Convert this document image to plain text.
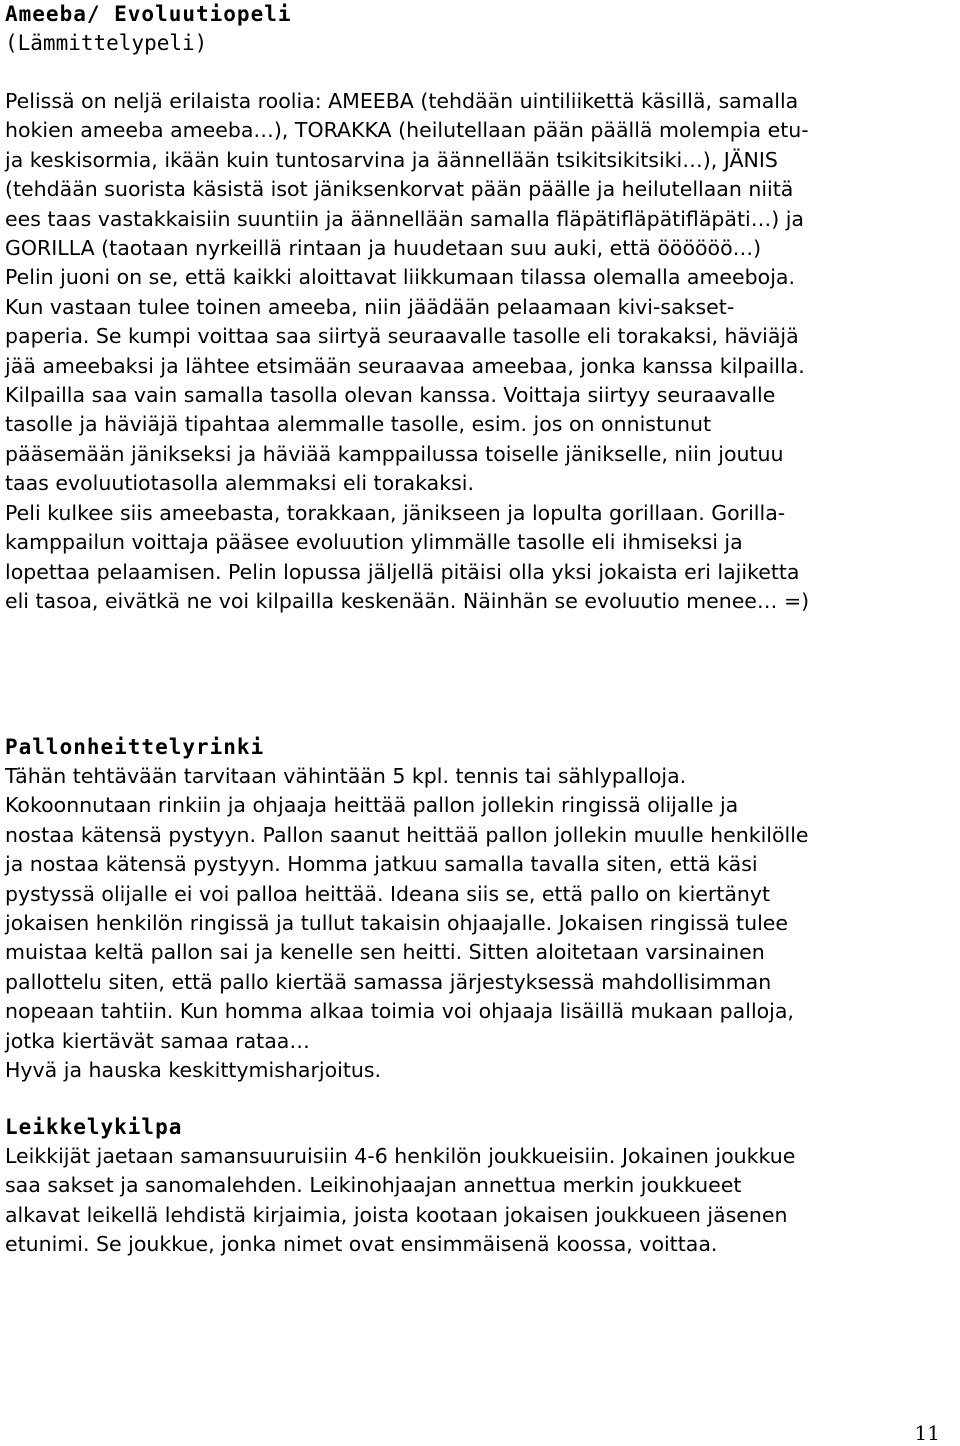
Ameeba/ Evoluutiopeli
(Lämmittelypeli)
Pelissä on neljä erilaista roolia: AMEEBA (tehdään uintiliikettä käsillä, samalla
hokien ameeba ameeba…), TORAKKA (heilutellaan pään päällä molempia etu-
ja keskisormia, ikään kuin tuntosarvina ja äännellään tsikitsikitsiki…), JÄNIS
(tehdään suorista käsistä isot jäniksenkorvat pään päälle ja heilutellaan niitä
ees taas vastakkaisiin suuntiin ja äännellään samalla fläpätifläpätifläpäti…) ja
GORILLA (taotaan nyrkeillä rintaan ja huudetaan suu auki, että öööööö…)
Pelin juoni on se, että kaikki aloittavat liikkumaan tilassa olemalla ameeboja.
Kun vastaan tulee toinen ameeba, niin jäädään pelaamaan kivi-sakset-
paperia. Se kumpi voittaa saa siirtyä seuraavalle tasolle eli torakaksi, häviäjä
jää ameebaksi ja lähtee etsimään seuraavaa ameebaa, jonka kanssa kilpailla.
Kilpailla saa vain samalla tasolla olevan kanssa. Voittaja siirtyy seuraavalle
tasolle ja häviäjä tipahtaa alemmalle tasolle, esim. jos on onnistunut
pääsemään jänikseksi ja häviää kamppailussa toiselle jänikselle, niin joutuu
taas evoluutiotasolla alemmaksi eli torakaksi.
Peli kulkee siis ameebasta, torakkaan, jänikseen ja lopulta gorillaan. Gorilla-
kamppailun voittaja pääsee evoluution ylimmälle tasolle eli ihmiseksi ja
lopettaa pelaamisen. Pelin lopussa jäljellä pitäisi olla yksi jokaista eri lajiketta
eli tasoa, eivätkä ne voi kilpailla keskenään. Näinhän se evoluutio menee… =)
Pallonheittelyrinki
Tähän tehtävään tarvitaan vähintään 5 kpl. tennis tai sählypalloja.
Kokoonnutaan rinkiin ja ohjaaja heittää pallon jollekin ringissä olijalle ja
nostaa kätensä pystyyn. Pallon saanut heittää pallon jollekin muulle henkilölle
ja nostaa kätensä pystyyn. Homma jatkuu samalla tavalla siten, että käsi
pystyssä olijalle ei voi palloa heittää. Ideana siis se, että pallo on kiertänyt
jokaisen henkilön ringissä ja tullut takaisin ohjaajalle. Jokaisen ringissä tulee
muistaa keltä pallon sai ja kenelle sen heitti. Sitten aloitetaan varsinainen
pallottelu siten, että pallo kiertää samassa järjestyksessä mahdollisimman
nopeaan tahtiin. Kun homma alkaa toimia voi ohjaaja lisäillä mukaan palloja,
jotka kiertävät samaa rataa…
Hyvä ja hauska keskittymisharjoitus.
Leikkelykilpa
Leikkijät jaetaan samansuuruisiin 4-6 henkilön joukkueisiin. Jokainen joukkue
saa sakset ja sanomalehden. Leikinohjaajan annettua merkin joukkueet
alkavat leikellä lehdistä kirjaimia, joista kootaan jokaisen joukkueen jäsenen
etunimi. Se joukkue, jonka nimet ovat ensimmäisenä koossa, voittaa.
11
